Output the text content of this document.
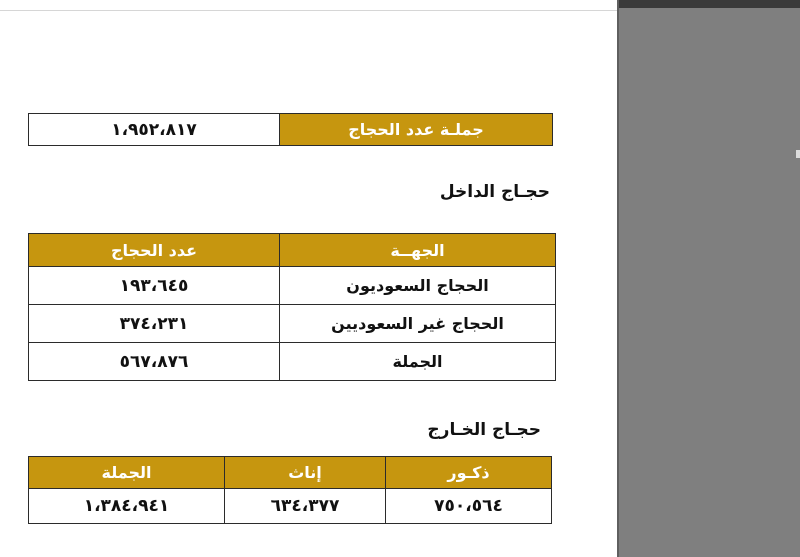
جملـة عدد الحجاج	١،٩٥٢،٨١٧
حجـاج الداخل
الجهــة	عدد الحجاج
الحجاج السعوديون	١٩٣،٦٤٥
الحجاج غير السعوديين	٣٧٤،٢٣١
الجملة	٥٦٧،٨٧٦
حجـاج الخـارج
ذكـور	إناث	الجملة
٧٥٠،٥٦٤	٦٣٤،٣٧٧	١،٣٨٤،٩٤١
